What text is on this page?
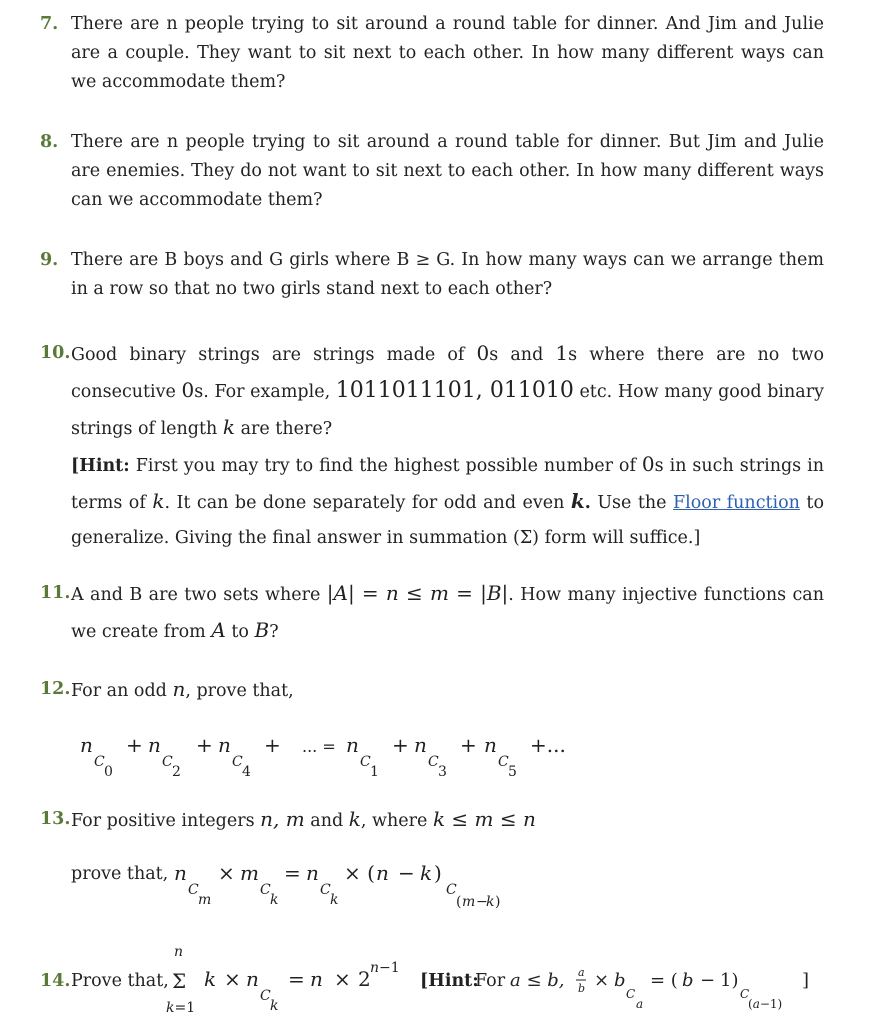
7. There are n people trying to sit around a round table for dinner. And Jim and Julie are a couple. They want to sit next to each other. In how many different ways can we accommodate them?
8. There are n people trying to sit around a round table for dinner. But Jim and Julie are enemies. They do not want to sit next to each other. In how many different ways can we accommodate them?
9. There are B boys and G girls where B ≥ G. In how many ways can we arrange them in a row so that no two girls stand next to each other?
10. Good binary strings are strings made of 0s and 1s where there are no two consecutive 0s. For example, 1011011101, 011010 etc. How many good binary strings of length k are there?
[Hint: First you may try to find the highest possible number of 0s in such strings in terms of k. It can be done separately for odd and even k. Use the Floor function to generalize. Giving the final answer in summation (Σ) form will suffice.]
11. A and B are two sets where |A| = n ≤ m = |B|. How many injective functions can we create from A to B?
12. For an odd n, prove that,
n
C
0
+ n
C
2
+ n
C
4
+ ... = n
C
1
+ n
C
3
+ n
C
5
+...
13. For positive integers n, m and k, where k ≤ m ≤ n
prove that, n
C
m
× m
C
k
= n
C
k
× ( n − k )
C
( m −
k )
14. Prove that,
n
Σ
k=1
k × n
C
k
= n × 2 n−1
[Hint:
For a ≤ b, a
b × b
C
a
= ( b − 1)
C
(a−1)
]
